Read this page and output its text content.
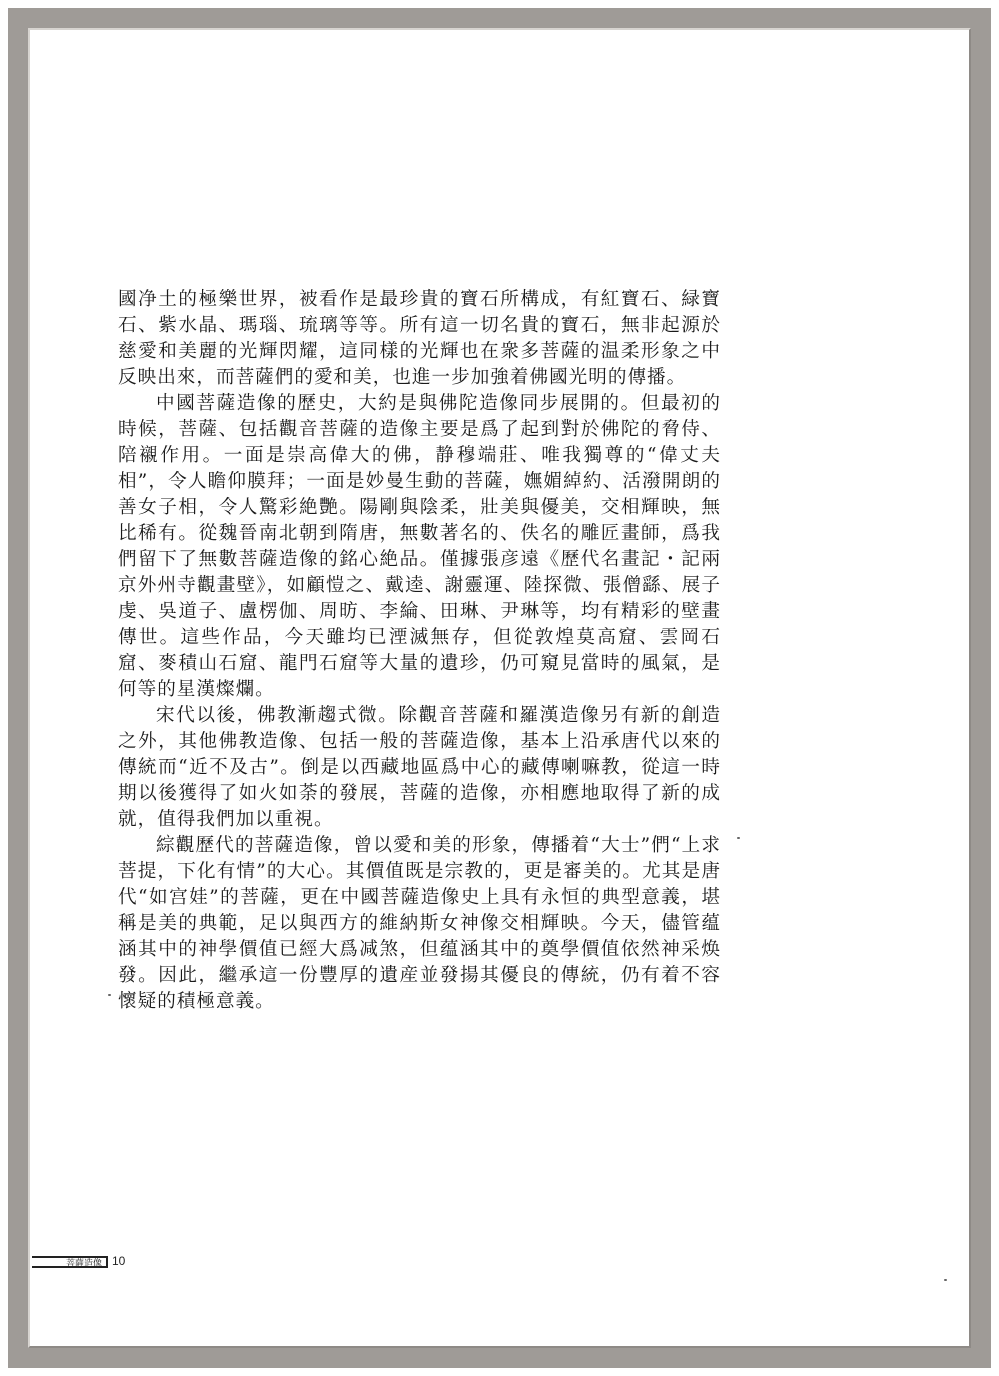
國净土的極樂世界，被看作是最珍貴的寶石所構成，有紅寶石、緑寶石、紫水晶、瑪瑙、琉璃等等。所有這一切名貴的寶石，無非起源於慈愛和美麗的光輝閃耀，這同樣的光輝也在衆多菩薩的温柔形象之中反映出來，而菩薩們的愛和美，也進一步加強着佛國光明的傳播。

中國菩薩造像的歷史，大約是與佛陀造像同步展開的。但最初的時候，菩薩、包括觀音菩薩的造像主要是爲了起到對於佛陀的脅侍、陪襯作用。一面是崇高偉大的佛，静穆端莊、唯我獨尊的“偉丈夫相”，令人瞻仰膜拜；一面是妙曼生動的菩薩，嫵媚綽約、活潑開朗的善女子相，令人驚彩絶艷。陽剛與陰柔，壯美與優美，交相輝映，無比稀有。從魏晉南北朝到隋唐，無數著名的、佚名的雕匠畫師，爲我們留下了無數菩薩造像的銘心絶品。僅據張彦遠《歷代名畫記・記兩京外州寺觀畫壁》，如顧愷之、戴逵、謝靈運、陸探微、張僧繇、展子虔、吳道子、盧楞伽、周昉、李綸、田琳、尹琳等，均有精彩的壁畫傳世。這些作品，今天雖均已湮滅無存，但從敦煌莫高窟、雲岡石窟、麥積山石窟、龍門石窟等大量的遺珍，仍可窺見當時的風氣，是何等的星漢燦爛。

宋代以後，佛教漸趨式微。除觀音菩薩和羅漢造像另有新的創造之外，其他佛教造像、包括一般的菩薩造像，基本上沿承唐代以來的傳統而“近不及古”。倒是以西藏地區爲中心的藏傳喇嘛教，從這一時期以後獲得了如火如荼的發展，菩薩的造像，亦相應地取得了新的成就，值得我們加以重視。

綜觀歷代的菩薩造像，曾以愛和美的形象，傳播着“大士”們“上求菩提，下化有情”的大心。其價值既是宗教的，更是審美的。尤其是唐代“如宫娃”的菩薩，更在中國菩薩造像史上具有永恒的典型意義，堪稱是美的典範，足以與西方的維納斯女神像交相輝映。今天，儘管蕴涵其中的神學價值已經大爲减煞，但蕴涵其中的奠學價值依然神采焕發。因此，繼承這一份豐厚的遺産並發揚其優良的傳統，仍有着不容懷疑的積極意義。

菩薩造像 10
